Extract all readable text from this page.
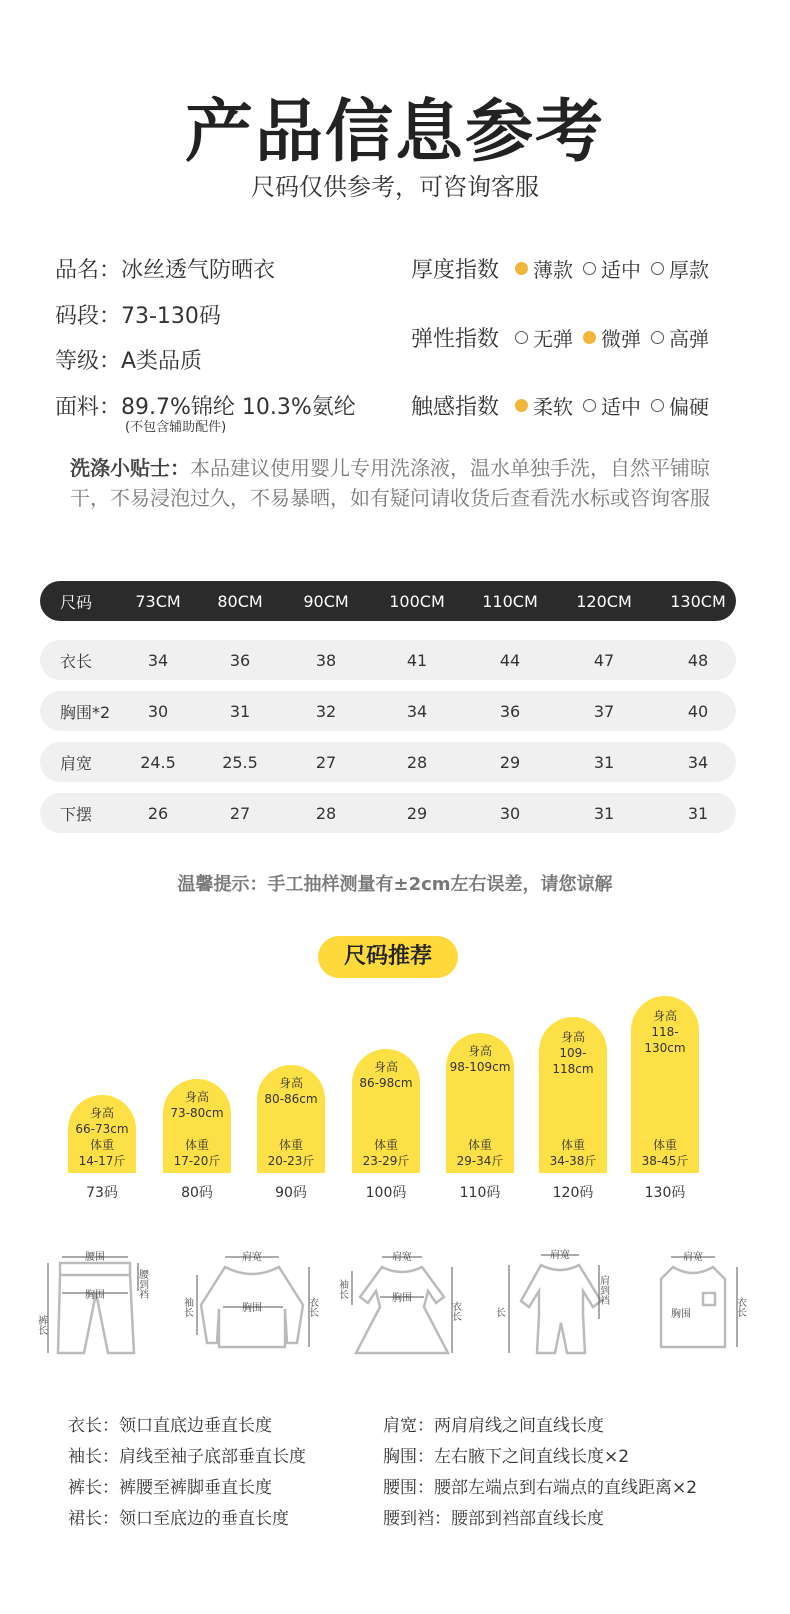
产品信息参考
尺码仅供参考，可咨询客服
品名：冰丝透气防晒衣
码段：73-130码
等级：A类品质
面料：89.7%锦纶 10.3%氨纶
(不包含辅助配件)
厚度指数 薄款 适中 厚款
弹性指数 无弹 微弹 高弹
触感指数 柔软 适中 偏硬
洗涤小贴士：本品建议使用婴儿专用洗涤液，温水单独手洗，自然平铺晾干，不易浸泡过久，不易暴晒，如有疑问请收货后查看洗水标或咨询客服
尺码	73CM 80CM	90CM	100CM 110CM 120CM 130CM
衣长	34	36	38	41	44	47	48
胸围*2 30	31	32	34	36	37	40
肩宽	24.5	25.5	27	28	29	31	34
下摆	26	27	28	29	30	31	31
温馨提示：手工抽样测量有±2cm左右误差，请您谅解
尺码推荐
身高
66-73cm
体重
14-17斤
73码
身高
73-80cm
体重
17-20斤
80码
身高
80-86cm
体重
20-23斤
90码
身高
86-98cm
体重
23-29斤
100码
身高
98-109cm
体重
29-34斤
110码
身高
109-118cm
体重
34-38斤
120码
身高
118-130cm
体重
38-45斤
130码
腰围
胸围
裤长
腰到裆
肩宽
胸围
袖长	衣长
肩宽
胸围
袖长
衣长
肩宽
长
肩到裆
肩宽
胸围	衣长
衣长：领口直底边垂直长度
袖长：肩线至袖子底部垂直长度
裤长：裤腰至裤脚垂直长度
裙长：领口至底边的垂直长度
肩宽：两肩肩线之间直线长度
胸围：左右腋下之间直线长度×2
腰围：腰部左端点到右端点的直线距离×2
腰到裆：腰部到裆部直线长度
